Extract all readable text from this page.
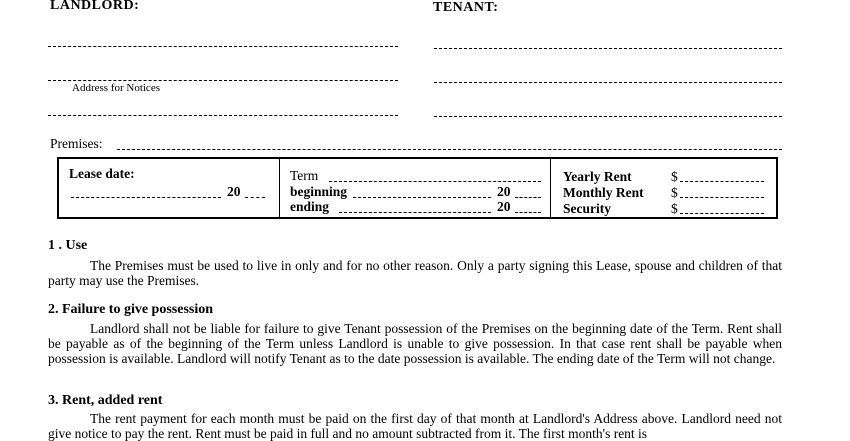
LANDLORD:	TENANT:
Address for Notices
Premises:
Lease date:
20
Term
beginning	20
ending	20
Yearly Rent	$
Monthly Rent $
Security	$
1 . Use
The Premises must be used to live in only and for no other reason. Only a party signing this Lease, spouse and children of that party may use the Premises.
2. Failure to give possession
Landlord shall not be liable for failure to give Tenant possession of the Premises on the beginning date of the Term. Rent shall be payable as of the beginning of the Term unless Landlord is unable to give possession. In that case rent shall be payable when possession is available. Landlord will notify Tenant as to the date possession is available. The ending date of the Term will not change.
3. Rent, added rent
The rent payment for each month must be paid on the first day of that month at Landlord's Address above. Landlord need not give notice to pay the rent. Rent must be paid in full and no amount subtracted from it. The first month's rent is
